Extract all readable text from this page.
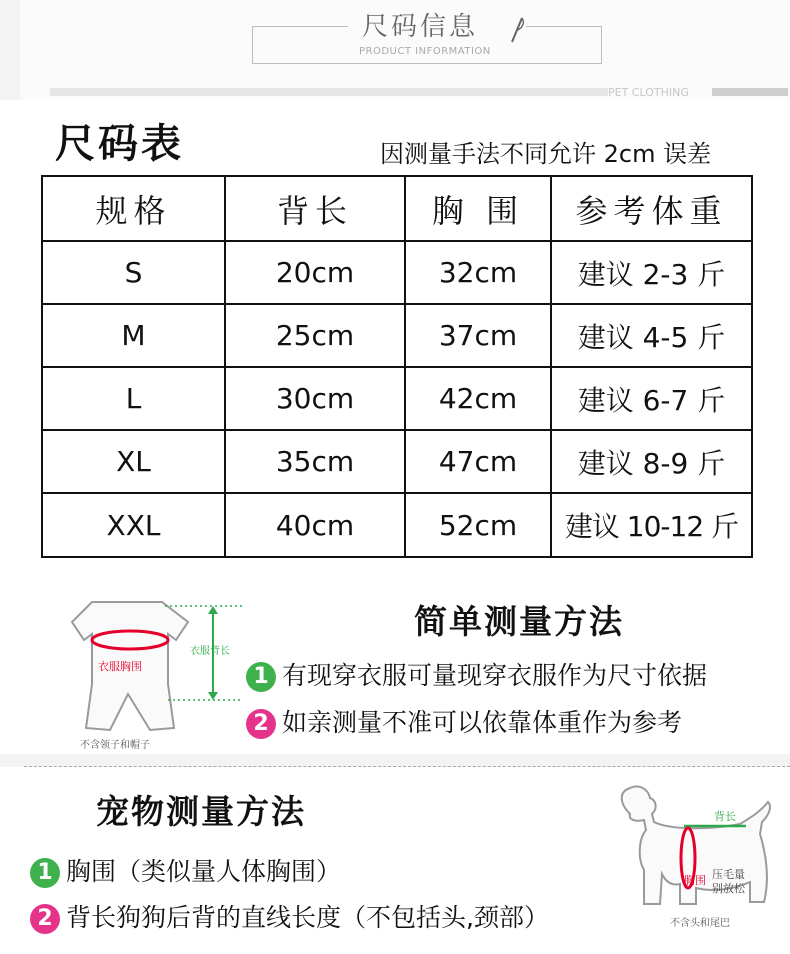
尺码信息
PRODUCT INFORMATION
PET CLOTHING
尺码表	因测量手法不同允许 2cm 误差
规格	背长	胸 围	参考体重
S	20cm	32cm	建议 2-3 斤
M	25cm	37cm	建议 4-5 斤
L	30cm	42cm	建议 6-7 斤
XL	35cm	47cm	建议 8-9 斤
XXL	40cm	52cm	建议 10-12 斤
衣服胸围
衣服背长
不含领子和帽子
简单测量方法
1 有现穿衣服可量现穿衣服作为尺寸依据
2 如亲测量不准可以依靠体重作为参考
宠物测量方法
1 胸围（类似量人体胸围）
2 背长狗狗后背的直线长度（不包括头,颈部）
背长
胸围 压毛量
别放松
不含头和尾巴
